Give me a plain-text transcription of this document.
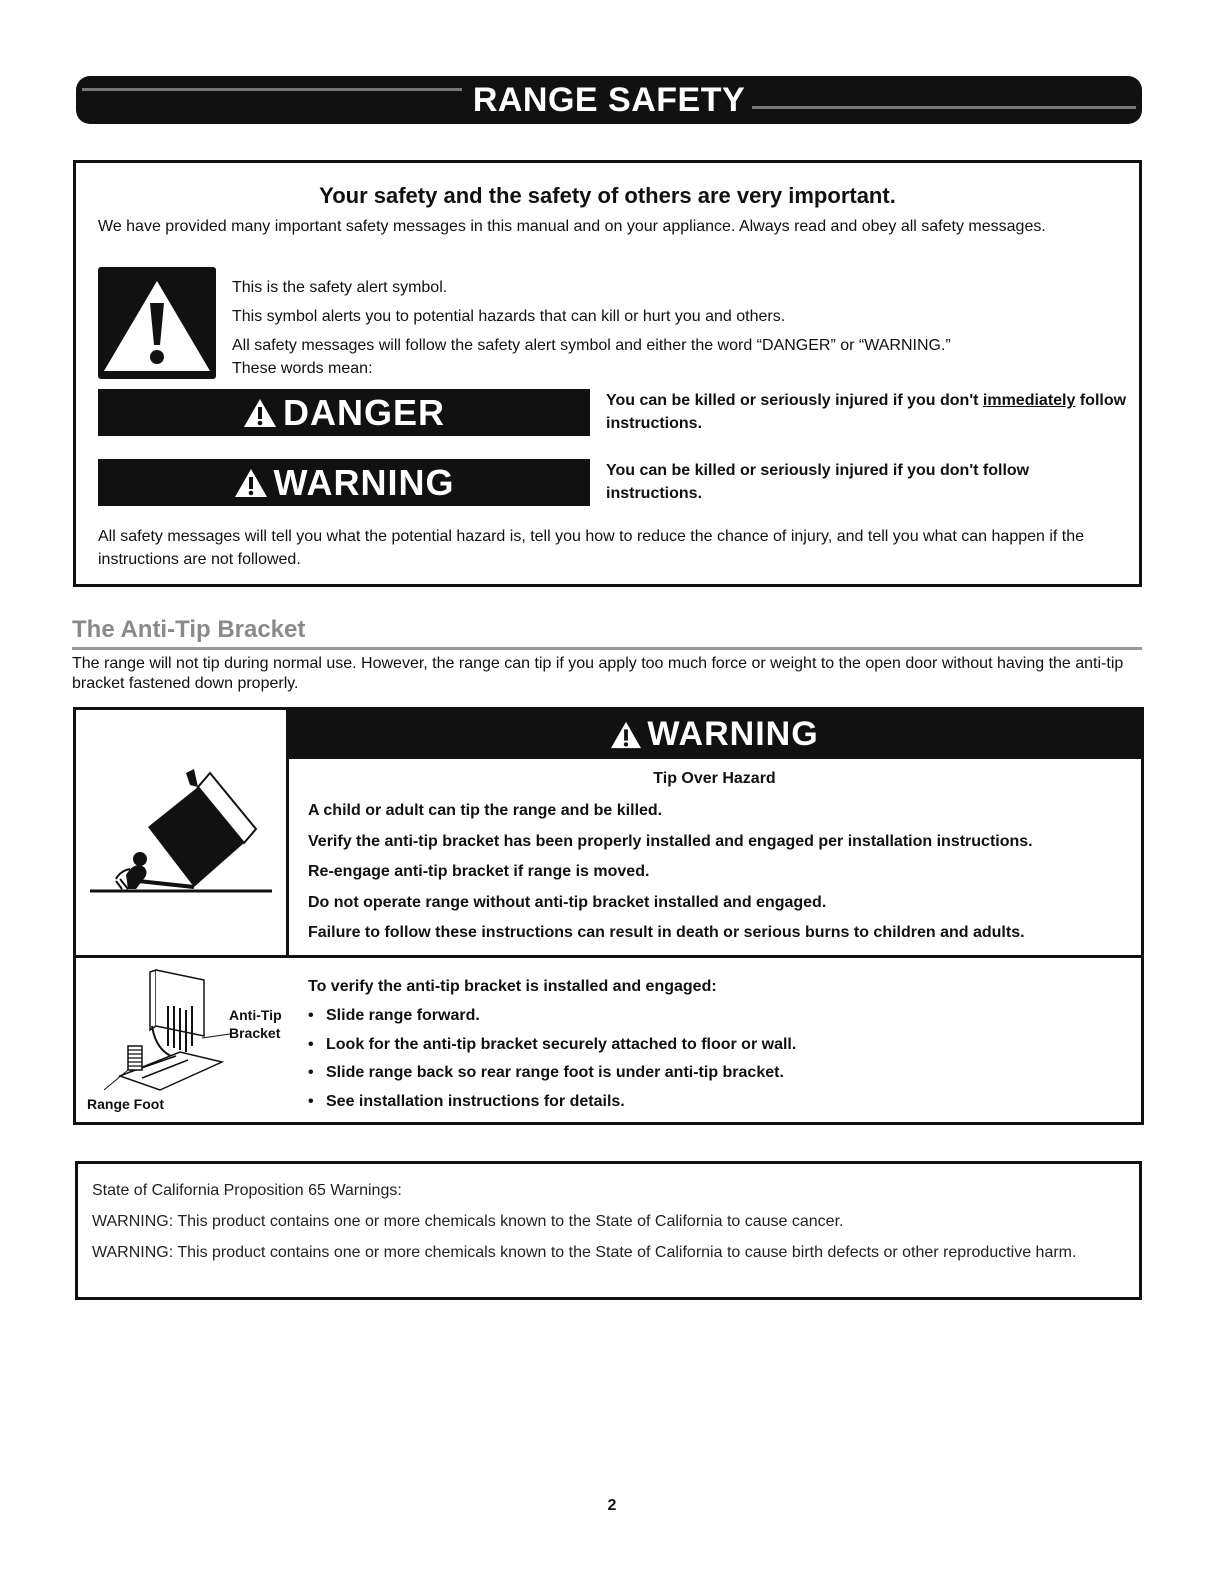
RANGE SAFETY
Your safety and the safety of others are very important.
We have provided many important safety messages in this manual and on your appliance. Always read and obey all safety messages.
This is the safety alert symbol.
This symbol alerts you to potential hazards that can kill or hurt you and others.
All safety messages will follow the safety alert symbol and either the word “DANGER” or “WARNING.”
These words mean:
DANGER	You can be killed or seriously injured if you don't immediately follow instructions.
WARNING	You can be killed or seriously injured if you don't follow instructions.
All safety messages will tell you what the potential hazard is, tell you how to reduce the chance of injury, and tell you what can happen if the instructions are not followed.
The Anti-Tip Bracket
The range will not tip during normal use. However, the range can tip if you apply too much force or weight to the open door without having the anti-tip bracket fastened down properly.
WARNING
Tip Over Hazard
A child or adult can tip the range and be killed.
Verify the anti-tip bracket has been properly installed and engaged per installation instructions.
Re-engage anti-tip bracket if range is moved.
Do not operate range without anti-tip bracket installed and engaged.
Failure to follow these instructions can result in death or serious burns to children and adults.
Anti-Tip
Bracket
Range Foot
To verify the anti-tip bracket is installed and engaged:
• Slide range forward.
• Look for the anti-tip bracket securely attached to floor or wall.
• Slide range back so rear range foot is under anti-tip bracket.
• See installation instructions for details.
State of California Proposition 65 Warnings:
WARNING: This product contains one or more chemicals known to the State of California to cause cancer.
WARNING: This product contains one or more chemicals known to the State of California to cause birth defects or other reproductive harm.
2
